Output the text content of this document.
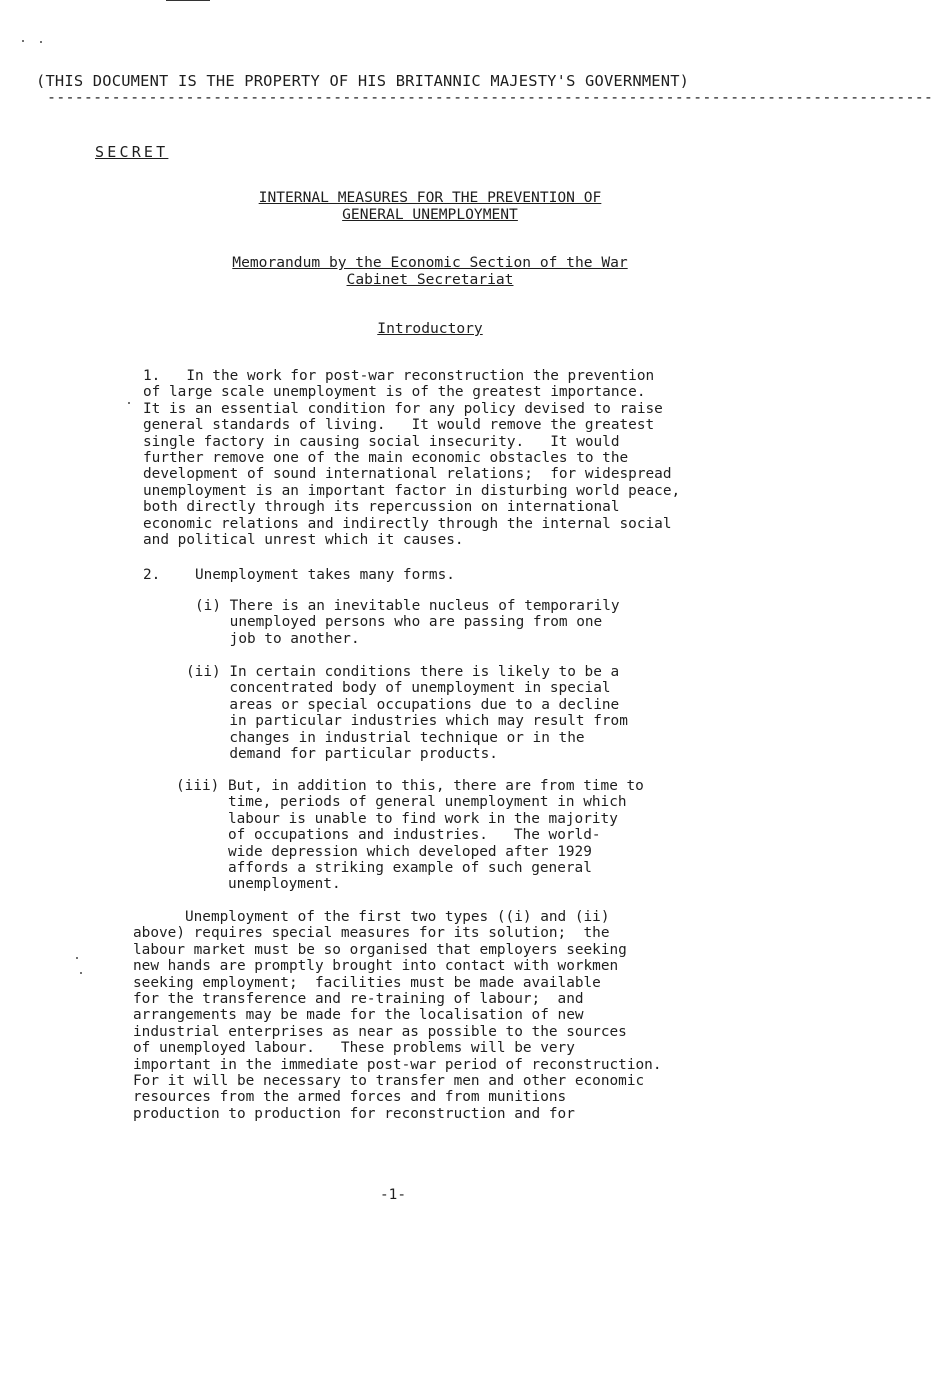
(THIS DOCUMENT IS THE PROPERTY OF HIS BRITANNIC MAJESTY'S GOVERNMENT)
------------------------------------------------------------------------------------------------
SECRET
INTERNAL MEASURES FOR THE PREVENTION OF
GENERAL UNEMPLOYMENT
Memorandum by the Economic Section of the War
Cabinet Secretariat
Introductory
1.   In the work for post-war reconstruction the prevention
of large scale unemployment is of the greatest importance.
It is an essential condition for any policy devised to raise
general standards of living.   It would remove the greatest
single factory in causing social insecurity.   It would
further remove one of the main economic obstacles to the
development of sound international relations;  for widespread
unemployment is an important factor in disturbing world peace,
both directly through its repercussion on international
economic relations and indirectly through the internal social
and political unrest which it causes.
2.    Unemployment takes many forms.
(i) There is an inevitable nucleus of temporarily
unemployed persons who are passing from one
job to another.
(ii) In certain conditions there is likely to be a
concentrated body of unemployment in special
areas or special occupations due to a decline
in particular industries which may result from
changes in industrial technique or in the
demand for particular products.
(iii) But, in addition to this, there are from time to
time, periods of general unemployment in which
labour is unable to find work in the majority
of occupations and industries.   The world-
wide depression which developed after 1929
affords a striking example of such general
unemployment.
Unemployment of the first two types ((i) and (ii)
above) requires special measures for its solution;  the
labour market must be so organised that employers seeking
new hands are promptly brought into contact with workmen
seeking employment;  facilities must be made available
for the transference and re-training of labour;  and
arrangements may be made for the localisation of new
industrial enterprises as near as possible to the sources
of unemployed labour.   These problems will be very
important in the immediate post-war period of reconstruction.
For it will be necessary to transfer men and other economic
resources from the armed forces and from munitions
production to production for reconstruction and for
-1-
